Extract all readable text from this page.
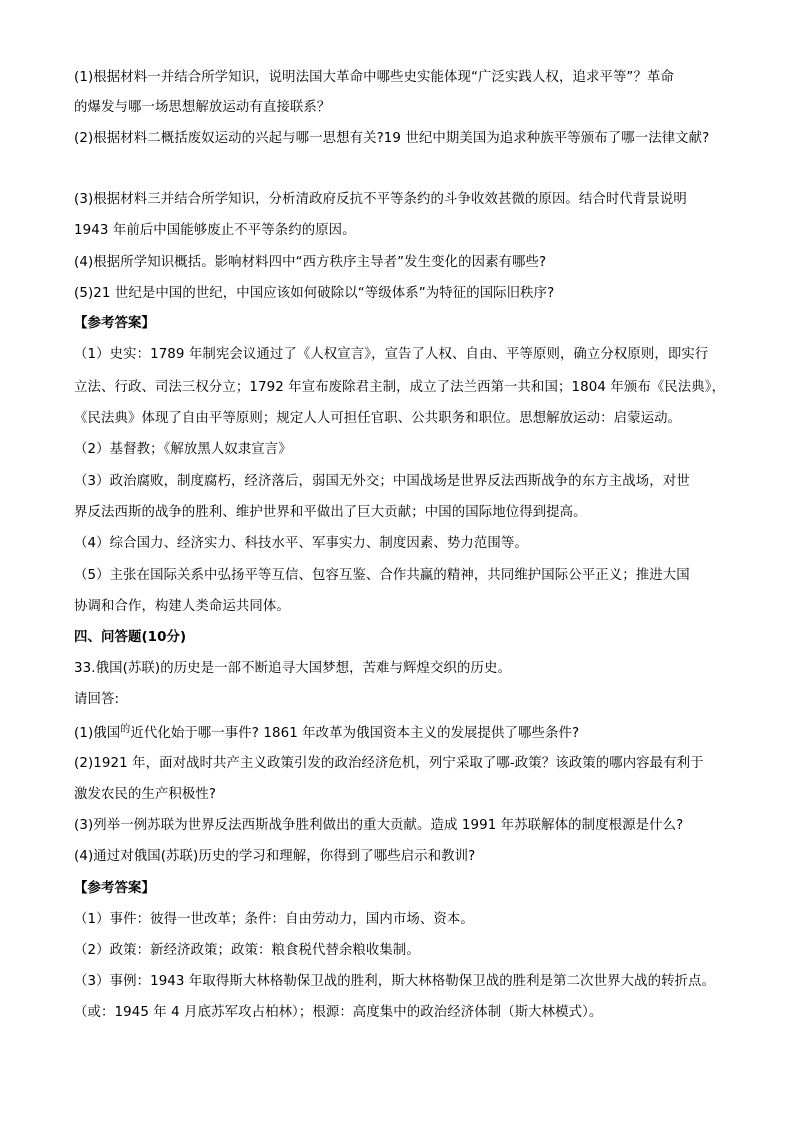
(1)根据材料一并结合所学知识，说明法国大革命中哪些史实能体现“广泛实践人权，追求平等”？革命
的爆发与哪一场思想解放运动有直接联系？
(2)根据材料二概括废奴运动的兴起与哪一思想有关?19 世纪中期美国为追求种族平等颁布了哪一法律文献?
(3)根据材料三并结合所学知识，分析清政府反抗不平等条约的斗争收效甚微的原因。结合时代背景说明
1943 年前后中国能够废止不平等条约的原因。
(4)根据所学知识概括。影响材料四中“西方秩序主导者”发生变化的因素有哪些?
(5)21 世纪是中国的世纪，中国应该如何破除以“等级体系”为特征的国际旧秩序?
【参考答案】
（1）史实：1789 年制宪会议通过了《人权宣言》，宣告了人权、自由、平等原则，确立分权原则，即实行
立法、行政、司法三权分立；1792 年宣布废除君主制，成立了法兰西第一共和国；1804 年颁布《民法典》，
《民法典》体现了自由平等原则；规定人人可担任官职、公共职务和职位。思想解放运动：启蒙运动。
（2）基督教；《解放黑人奴隶宣言》
（3）政治腐败，制度腐朽，经济落后，弱国无外交；中国战场是世界反法西斯战争的东方主战场，对世
界反法西斯的战争的胜利、维护世界和平做出了巨大贡献；中国的国际地位得到提高。
（4）综合国力、经济实力、科技水平、军事实力、制度因素、势力范围等。
（5）主张在国际关系中弘扬平等互信、包容互鉴、合作共赢的精神，共同维护国际公平正义；推进大国
协调和合作，构建人类命运共同体。
四、问答题(10分)
33.俄国(苏联)的历史是一部不断追寻大国梦想，苦难与辉煌交织的历史。
请回答:
(1)俄国$^的$近代化始于哪一事件? 1861 年改革为俄国资本主义的发展提供了哪些条件?
(2)1921 年，面对战时共产主义政策引发的政治经济危机，列宁采取了哪-政策？该政策的哪内容最有利于
激发农民的生产积极性?
(3)列举一例苏联为世界反法西斯战争胜利做出的重大贡献。造成 1991 年苏联解体的制度根源是什么?
(4)通过对俄国(苏联)历史的学习和理解，你得到了哪些启示和教训?
【参考答案】
（1）事件：彼得一世改革；条件：自由劳动力，国内市场、资本。
（2）政策：新经济政策；政策：粮食税代替余粮收集制。
（3）事例：1943 年取得斯大林格勒保卫战的胜利，斯大林格勒保卫战的胜利是第二次世界大战的转折点。
（或：1945 年 4 月底苏军攻占柏林）；根源：高度集中的政治经济体制（斯大林模式）。
